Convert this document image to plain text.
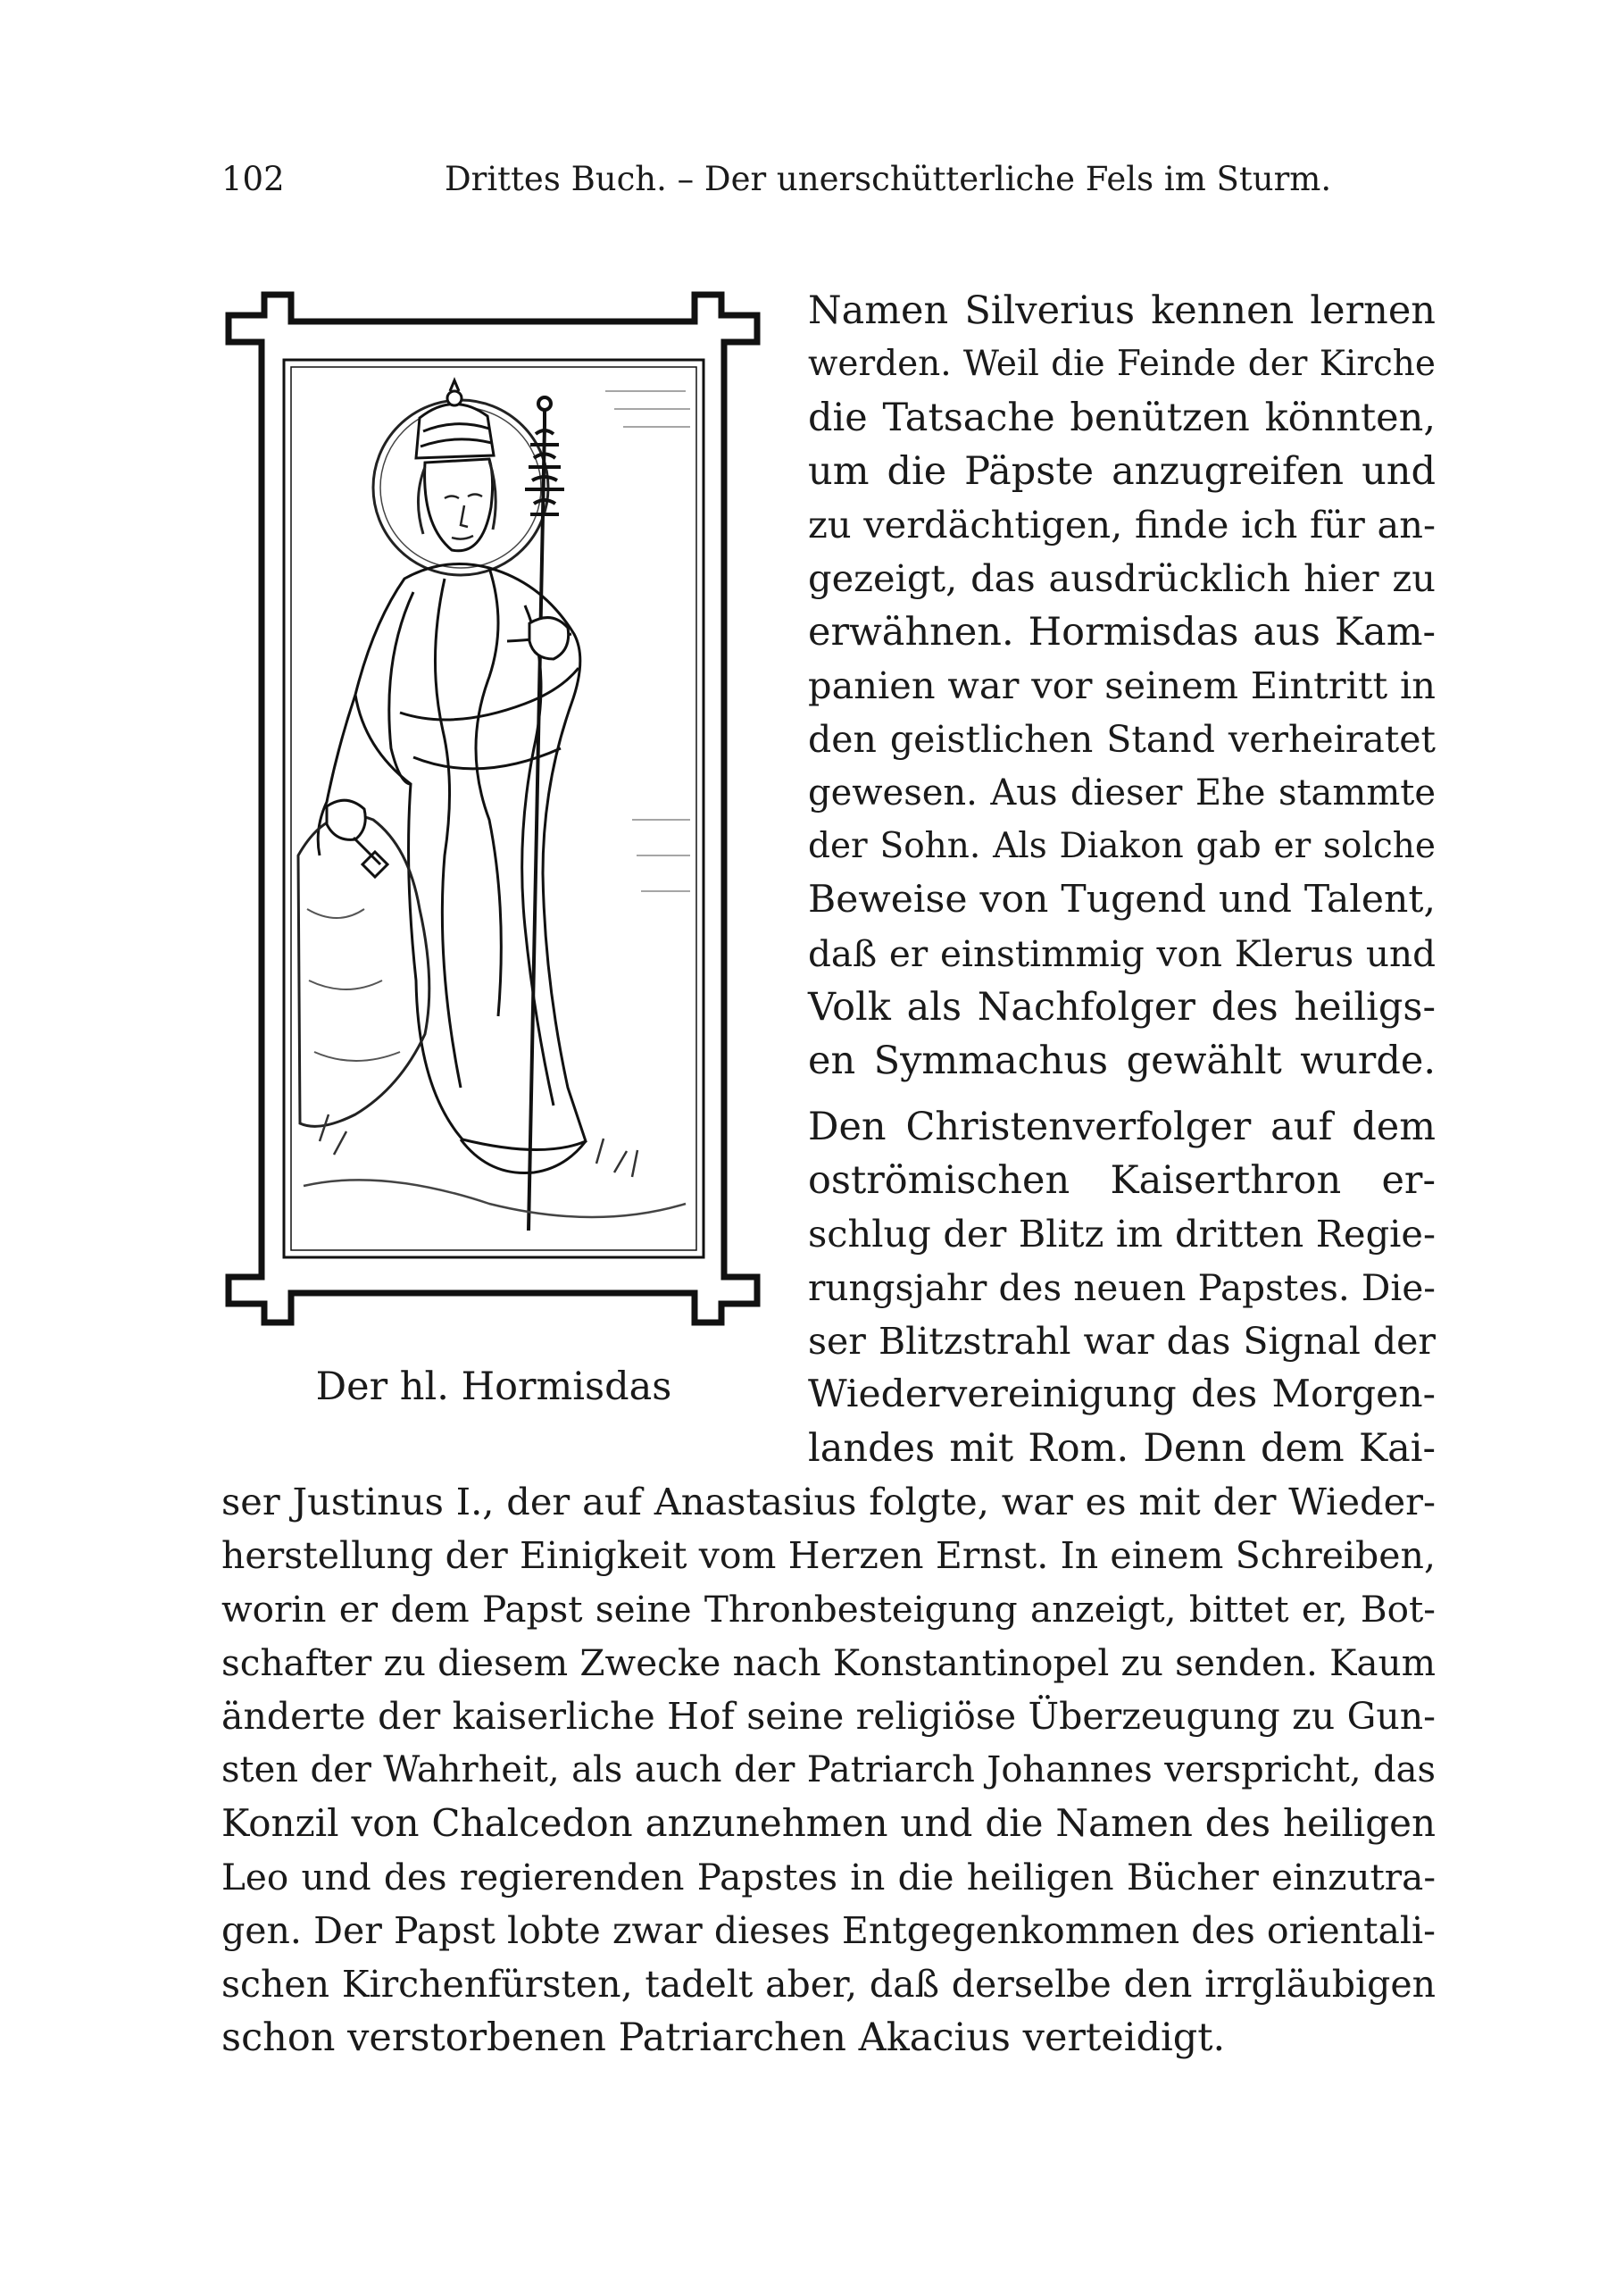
102	Drittes Buch. – Der unerschütterliche Fels im Sturm.
Der hl. Hormisdas
Namen Silverius kennen lernen
werden. Weil die Feinde der Kirche
die Tatsache benützen könnten,
um die Päpste anzugreifen und
zu verdächtigen, finde ich für an-
gezeigt, das ausdrücklich hier zu
erwähnen. Hormisdas aus Kam-
panien war vor seinem Eintritt in
den geistlichen Stand verheiratet
gewesen. Aus dieser Ehe stammte
der Sohn. Als Diakon gab er solche
Beweise von Tugend und Talent,
daß er einstimmig von Klerus und
Volk als Nachfolger des heiligs-
en Symmachus gewählt wurde.
Den Christenverfolger auf dem
oströmischen Kaiserthron er-
schlug der Blitz im dritten Regie-
rungsjahr des neuen Papstes. Die-
ser Blitzstrahl war das Signal der
Wiedervereinigung des Morgen-
landes mit Rom. Denn dem Kai-
ser Justinus I., der auf Anastasius folgte, war es mit der Wieder-
herstellung der Einigkeit vom Herzen Ernst. In einem Schreiben,
worin er dem Papst seine Thronbesteigung anzeigt, bittet er, Bot-
schafter zu diesem Zwecke nach Konstantinopel zu senden. Kaum
änderte der kaiserliche Hof seine religiöse Überzeugung zu Gun-
sten der Wahrheit, als auch der Patriarch Johannes verspricht, das
Konzil von Chalcedon anzunehmen und die Namen des heiligen
Leo und des regierenden Papstes in die heiligen Bücher einzutra-
gen. Der Papst lobte zwar dieses Entgegenkommen des orientali-
schen Kirchenfürsten, tadelt aber, daß derselbe den irrgläubigen
schon verstorbenen Patriarchen Akacius verteidigt.
